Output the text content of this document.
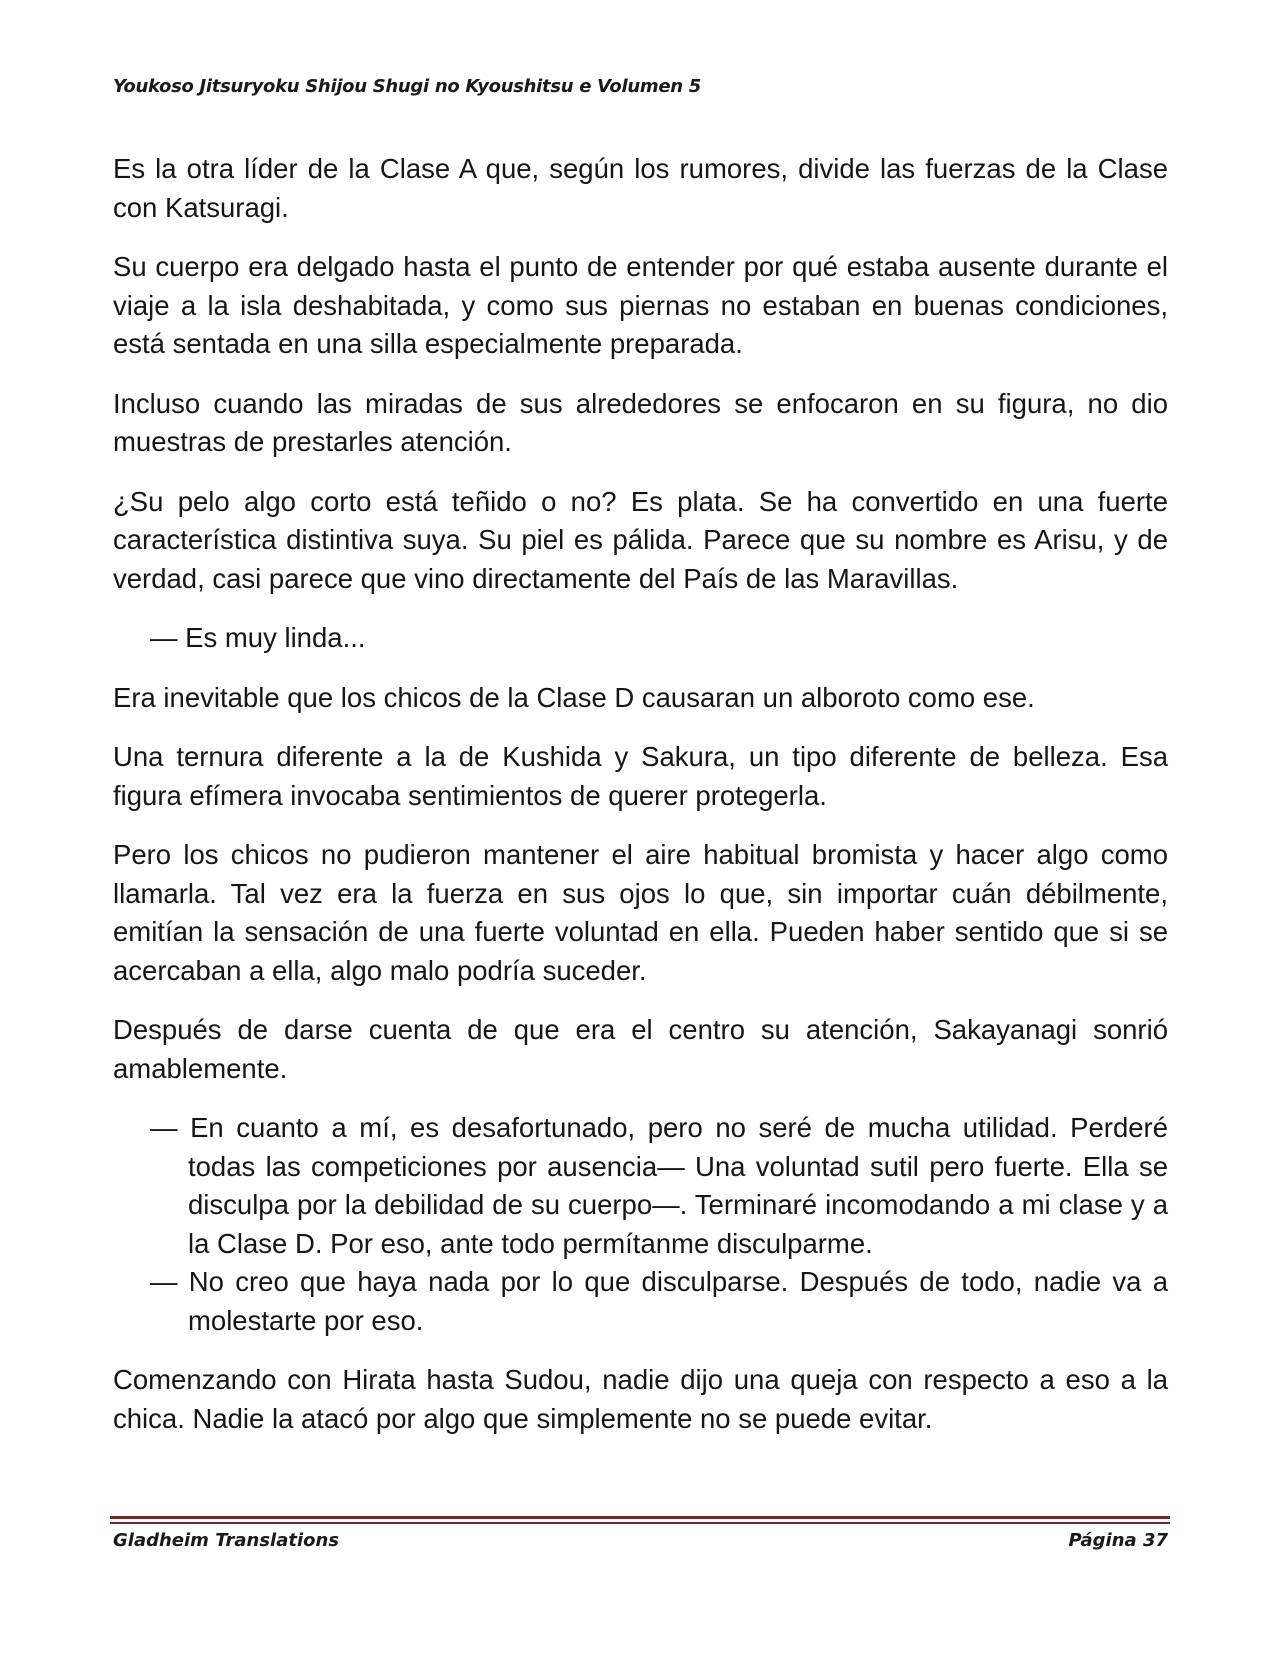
Youkoso Jitsuryoku Shijou Shugi no Kyoushitsu e Volumen 5

Es la otra líder de la Clase A que, según los rumores, divide las fuerzas de la Clase con Katsuragi.

Su cuerpo era delgado hasta el punto de entender por qué estaba ausente durante el viaje a la isla deshabitada, y como sus piernas no estaban en buenas condiciones, está sentada en una silla especialmente preparada.

Incluso cuando las miradas de sus alrededores se enfocaron en su figura, no dio muestras de prestarles atención.

¿Su pelo algo corto está teñido o no? Es plata. Se ha convertido en una fuerte característica distintiva suya. Su piel es pálida. Parece que su nombre es Arisu, y de verdad, casi parece que vino directamente del País de las Maravillas.

— Es muy linda...

Era inevitable que los chicos de la Clase D causaran un alboroto como ese.

Una ternura diferente a la de Kushida y Sakura, un tipo diferente de belleza. Esa figura efímera invocaba sentimientos de querer protegerla.

Pero los chicos no pudieron mantener el aire habitual bromista y hacer algo como llamarla. Tal vez era la fuerza en sus ojos lo que, sin importar cuán débilmente, emitían la sensación de una fuerte voluntad en ella. Pueden haber sentido que si se acercaban a ella, algo malo podría suceder.

Después de darse cuenta de que era el centro su atención, Sakayanagi sonrió amablemente.

— En cuanto a mí, es desafortunado, pero no seré de mucha utilidad. Perderé todas las competiciones por ausencia— Una voluntad sutil pero fuerte. Ella se disculpa por la debilidad de su cuerpo—. Terminaré incomodando a mi clase y a la Clase D. Por eso, ante todo permítanme disculparme.

— No creo que haya nada por lo que disculparse. Después de todo, nadie va a molestarte por eso.

Comenzando con Hirata hasta Sudou, nadie dijo una queja con respecto a eso a la chica. Nadie la atacó por algo que simplemente no se puede evitar.

Gladheim Translations	Página 37
